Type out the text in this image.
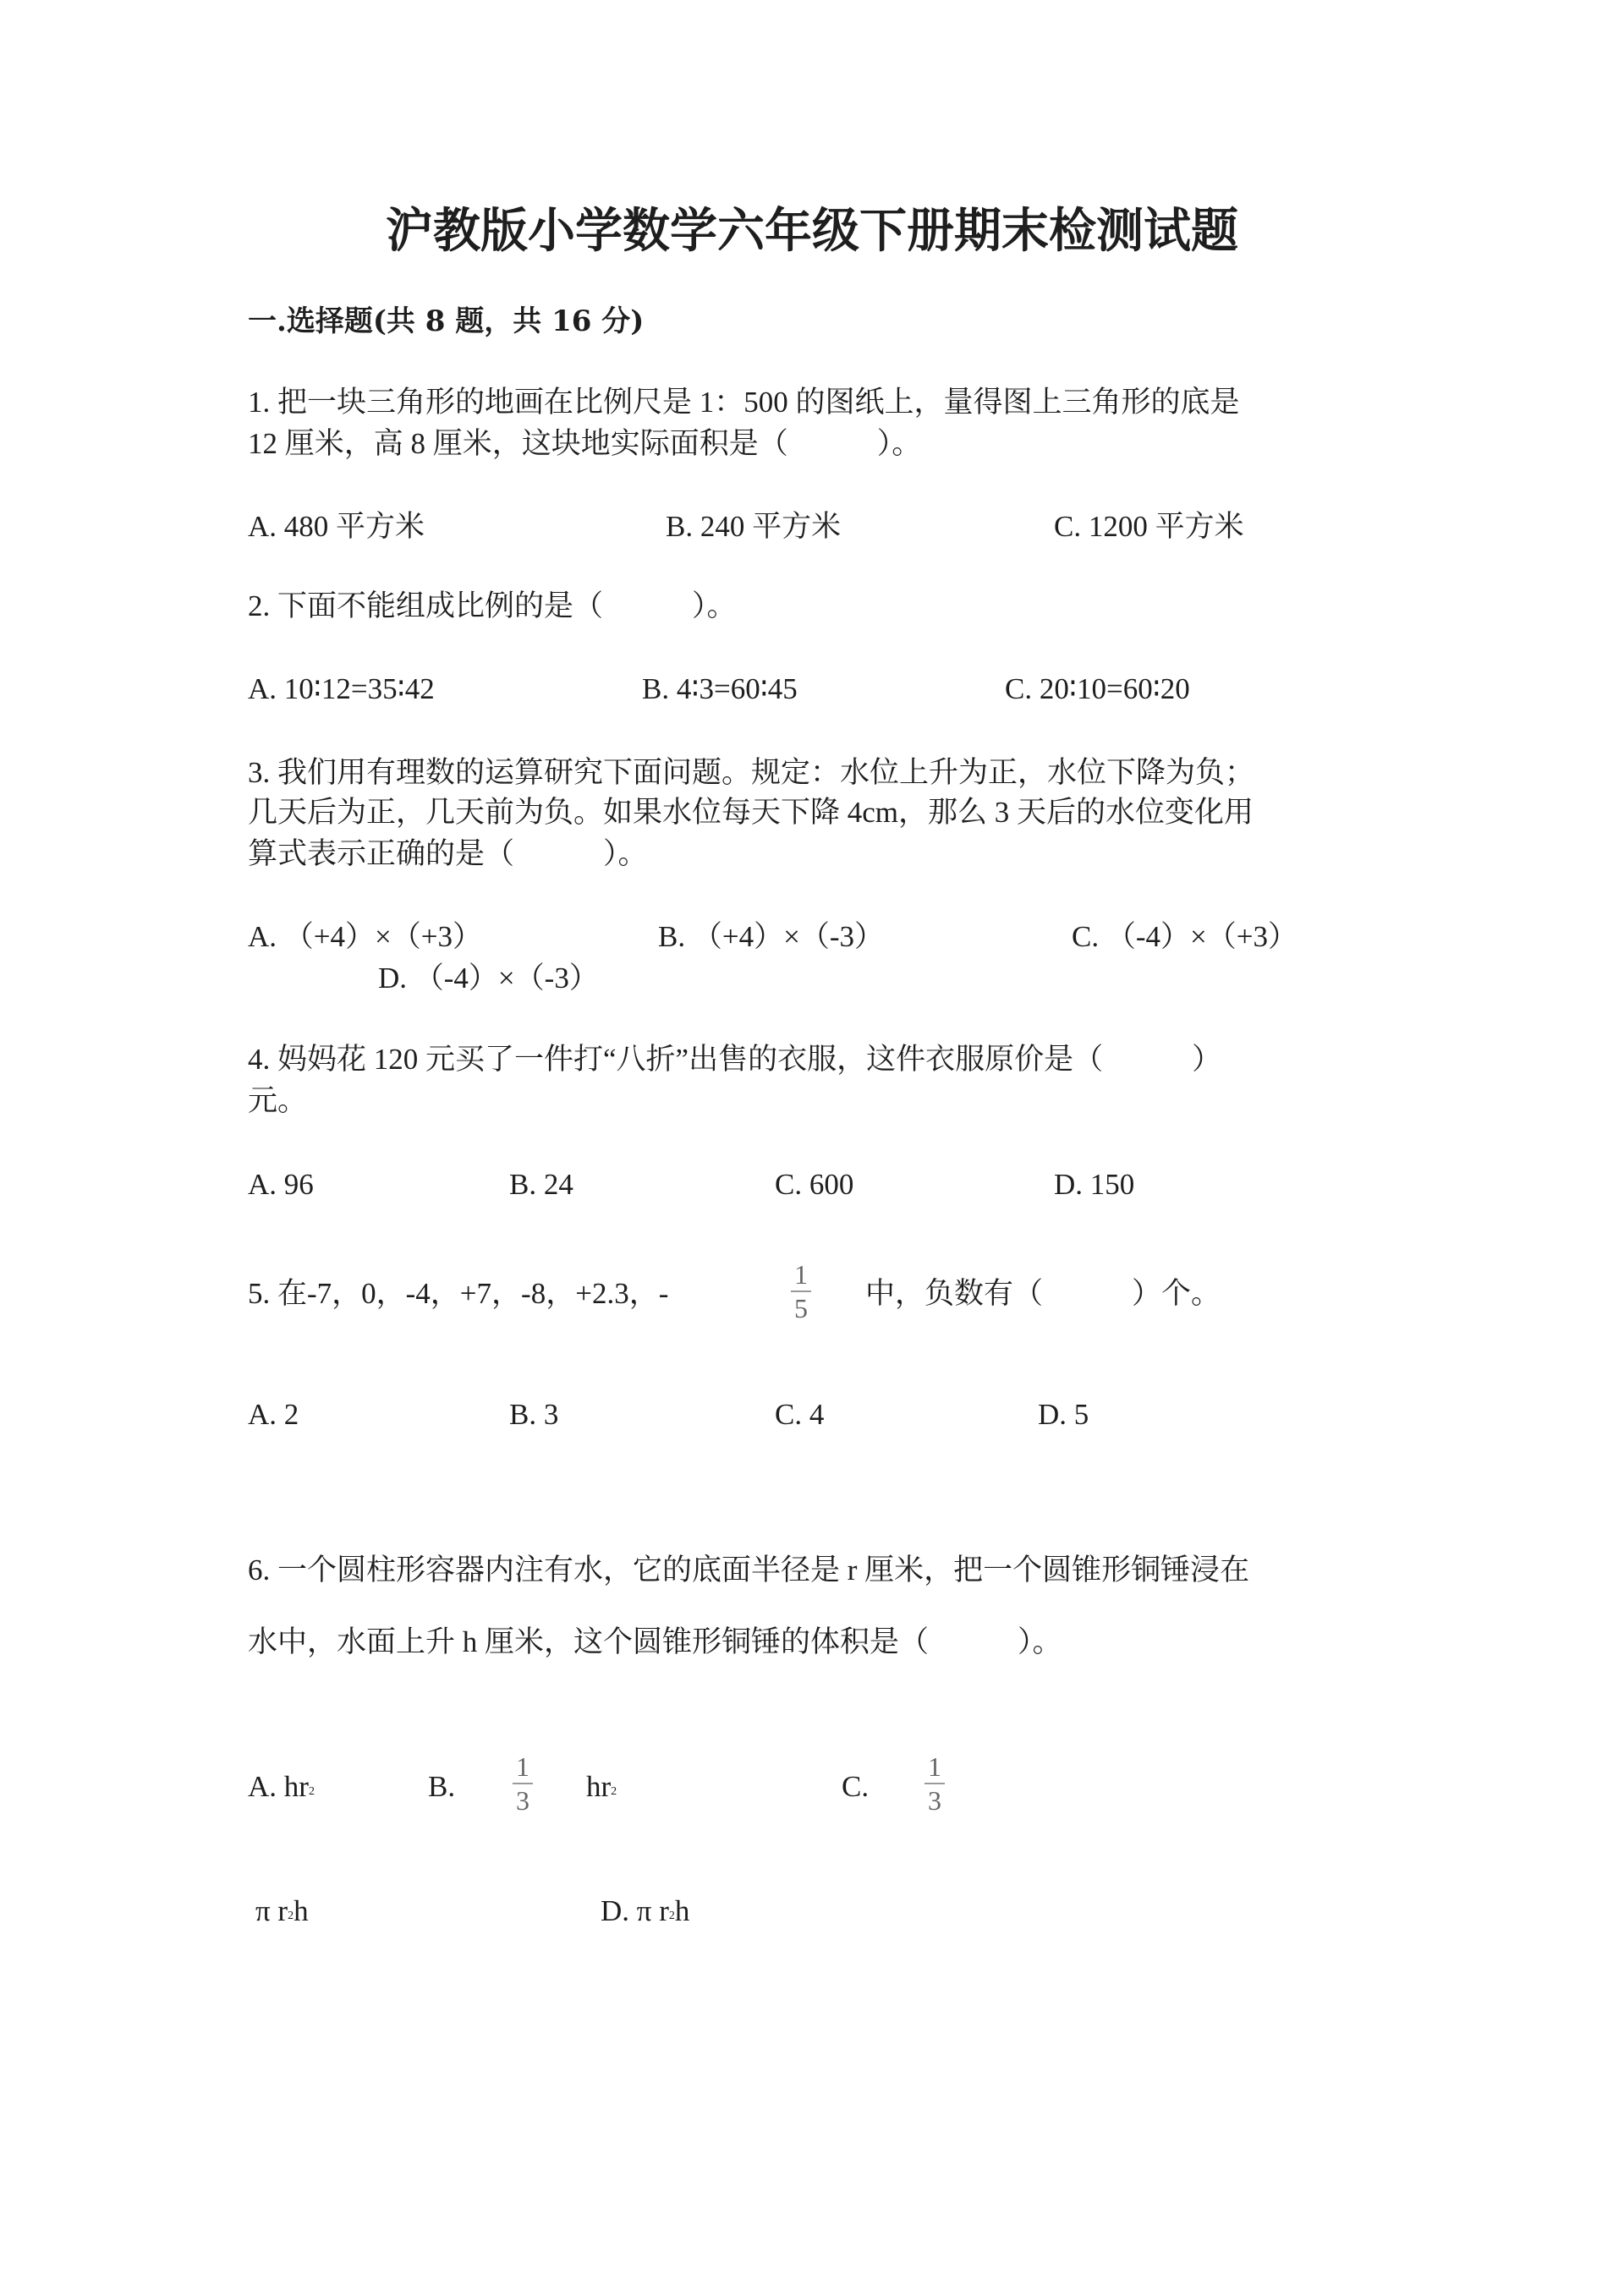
沪教版小学数学六年级下册期末检测试题
一.选择题(共 8 题，共 16 分)
1. 把一块三角形的地画在比例尺是 1：500 的图纸上，量得图上三角形的底是
12 厘米，高 8 厘米，这块地实际面积是（　　　）。
A. 480 平方米	B. 240 平方米	C. 1200 平方米
2. 下面不能组成比例的是（　　　）。
A. 10∶12=35∶42	B. 4∶3=60∶45	C. 20∶10=60∶20
3. 我们用有理数的运算研究下面问题。规定：水位上升为正，水位下降为负；
几天后为正，几天前为负。如果水位每天下降 4cm，那么 3 天后的水位变化用
算式表示正确的是（　　　）。
A. （+4）×（+3）	B. （+4）×（-3）	C. （-4）×（+3）
D. （-4）×（-3）
4. 妈妈花 120 元买了一件打“八折”出售的衣服，这件衣服原价是（　　　）
元。
A. 96	B. 24	C. 600	D. 150
5. 在-7，0，-4，+7，-8，+2.3，-
1
5 中，负数有（　　　）个。
A. 2	B. 3	C. 4	D. 5
6. 一个圆柱形容器内注有水，它的底面半径是 r 厘米，把一个圆锥形铜锤浸在
水中，水面上升 h 厘米，这个圆锥形铜锤的体积是（　　　）。
A. $hr^2$	B.
1
3 $hr^2$	C.
1
3
π $r^2h$	D. π $r^2h$
